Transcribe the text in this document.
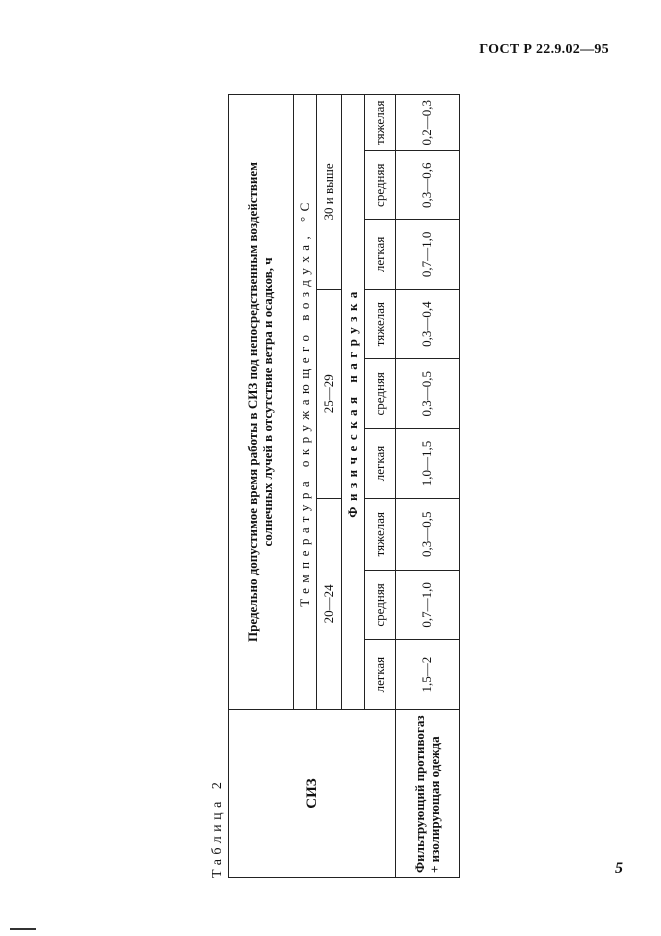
ГОСТ Р 22.9.02—95
Таблица 2	СИЗ	Предельно допустимое время работы в СИЗ под непосредственным воздействием солнечных лучей в отсутствие ветра и осадков, ч								

	Температура окружающего воздуха, °С								
	20—24			25—29			30 и выше		
	Физическая нагрузка								
	легкая	средняя	тяжелая	легкая	средняя	тяжелая	легкая	средняя	тяжелая
Фильтрующий противогаз + изолирующая одежда	1,5—2	0,7—1,0	0,3—0,5	1,0—1,5	0,3—0,5	0,3—0,4	0,7—1,0	0,3—0,6	0,2—0,3
5
